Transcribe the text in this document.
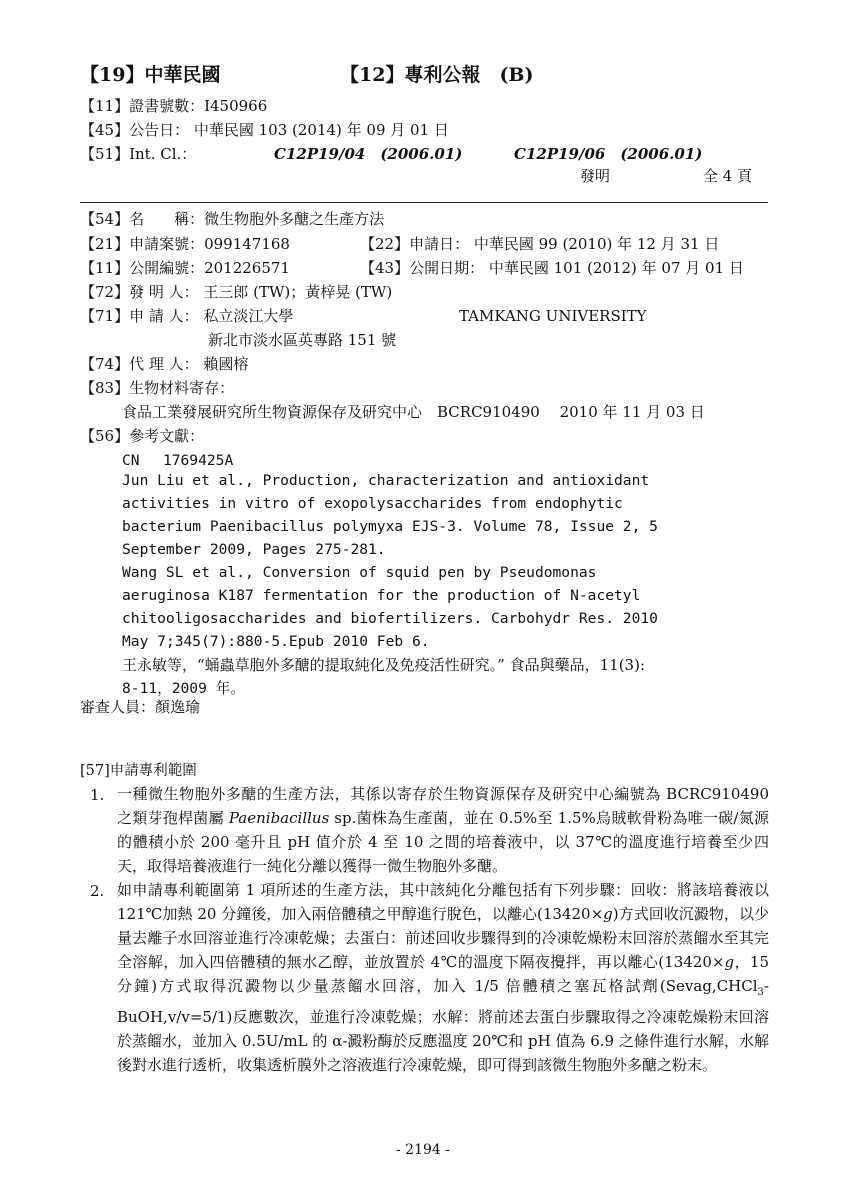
【19】中華民國	【12】專利公報　(B)
【11】證書號數：I450966
【45】公告日： 中華民國 103 (2014) 年 09 月 01 日
【51】Int. Cl.：	C12P19/04　(2006.01)	C12P19/06　(2006.01)
發明	全 4 頁
【54】名　　稱：微生物胞外多醣之生產方法
【21】申請案號：099147168	【22】申請日： 中華民國 99 (2010) 年 12 月 31 日
【11】公開編號：201226571	【43】公開日期： 中華民國 101 (2012) 年 07 月 01 日
【72】發 明 人： 王三郎 (TW)；黃梓晃 (TW)
【71】申 請 人： 私立淡江大學	TAMKANG UNIVERSITY
新北市淡水區英專路 151 號
【74】代 理 人： 賴國榕
【83】生物材料寄存：
食品工業發展研究所生物資源保存及研究中心　BCRC910490　 2010 年 11 月 03 日
【56】參考文獻：
CN　 1769425A
Jun Liu et al., Production, characterization and antioxidant
activities in vitro of exopolysaccharides from endophytic
bacterium Paenibacillus polymyxa EJS-3. Volume 78, Issue 2, 5
September 2009, Pages 275-281.
Wang SL et al., Conversion of squid pen by Pseudomonas
aeruginosa K187 fermentation for the production of N-acetyl
chitooligosaccharides and biofertilizers. Carbohydr Res. 2010
May 7;345(7):880-5.Epub 2010 Feb 6.
王永敏等，“蛹蟲草胞外多醣的提取純化及免疫活性研究。” 食品與藥品，11(3):
8-11，2009 年。
審查人員：顏逸瑜
[57]申請專利範圍
1. 一種微生物胞外多醣的生產方法，其係以寄存於生物資源保存及研究中心編號為 BCRC910490 之類芽孢桿菌屬 Paenibacillus sp.菌株為生產菌，並在 0.5%至 1.5%烏賊軟骨粉為唯一碳/氮源的體積小於 200 毫升且 pH 值介於 4 至 10 之間的培養液中，以 37℃的溫度進行培養至少四天，取得培養液進行一純化分離以獲得一微生物胞外多醣。
2. 如申請專利範圍第 1 項所述的生產方法，其中該純化分離包括有下列步驟：回收：將該培養液以 121℃加熱 20 分鐘後，加入兩倍體積之甲醇進行脫色，以離心(13420×g)方式回收沉澱物，以少量去離子水回溶並進行冷凍乾燥；去蛋白：前述回收步驟得到的冷凍乾燥粉末回溶於蒸餾水至其完全溶解，加入四倍體積的無水乙醇，並放置於 4℃的溫度下隔夜攪拌，再以離心(13420×g，15 分鐘)方式取得沉澱物以少量蒸餾水回溶，加入 1/5 倍體積之塞瓦格試劑(Sevag,CHCl$_3$-BuOH,v/v=5/1)反應數次，並進行冷凍乾燥；水解：將前述去蛋白步驟取得之冷凍乾燥粉末回溶於蒸餾水，並加入 0.5U/mL 的 α-澱粉酶於反應溫度 20℃和 pH 值為 6.9 之條件進行水解，水解後對水進行透析，收集透析膜外之溶液進行冷凍乾燥，即可得到該微生物胞外多醣之粉末。
- 2194 -
